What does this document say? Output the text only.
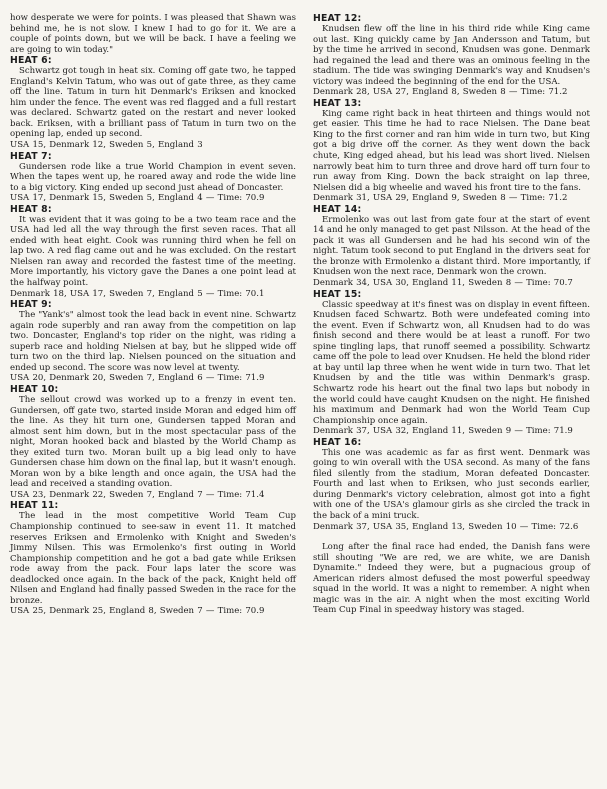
how desperate we were for points. I was pleased that Shawn was behind me, he is not slow. I knew I had to go for it. We are a couple of points down, but we will be back. I have a feeling we are going to win today."

HEAT 6:

Schwartz got tough in heat six. Coming off gate two, he tapped England's Kelvin Tatum, who was out of gate three, as they came off the line. Tatum in turn hit Denmark's Eriksen and knocked him under the fence. The event was red flagged and a full restart was declared. Schwartz gated on the restart and never looked back. Eriksen, with a brilliant pass of Tatum in turn two on the opening lap, ended up second.

USA 15, Denmark 12, Sweden 5, England 3

HEAT 7:

Gundersen rode like a true World Champion in event seven. When the tapes went up, he roared away and rode the wide line to a big victory. King ended up second just ahead of Doncaster.

USA 17, Denmark 15, Sweden 5, England 4 — Time: 70.9

HEAT 8:

It was evident that it was going to be a two team race and the USA had led all the way through the first seven races. That all ended with heat eight. Cook was running third when he fell on lap two. A red flag came out and he was excluded. On the restart Nielsen ran away and recorded the fastest time of the meeting. More importantly, his victory gave the Danes a one point lead at the halfway point.

Denmark 18, USA 17, Sweden 7, England 5 — Time: 70.1

HEAT 9:

The "Yank's" almost took the lead back in event nine. Schwartz again rode superbly and ran away from the competition on lap two. Doncaster, England's top rider on the night, was riding a superb race and holding Nielsen at bay, but he slipped wide off turn two on the third lap. Nielsen pounced on the situation and ended up second. The score was now level at twenty.

USA 20, Denmark 20, Sweden 7, England 6 — Time: 71.9

HEAT 10:

The sellout crowd was worked up to a frenzy in event ten. Gundersen, off gate two, started inside Moran and edged him off the line. As they hit turn one, Gundersen tapped Moran and almost sent him down, but in the most spectacular pass of the night, Moran hooked back and blasted by the World Champ as they exited turn two. Moran built up a big lead only to have Gundersen chase him down on the final lap, but it wasn't enough. Moran won by a bike length and once again, the USA had the lead and received a standing ovation.

USA 23, Denmark 22, Sweden 7, England 7 — Time: 71.4

HEAT 11:

The lead in the most competitive World Team Cup Championship continued to see-saw in event 11. It matched reserves Eriksen and Ermolenko with Knight and Sweden's Jimmy Nilsen. This was Ermolenko's first outing in World Championship competition and he got a bad gate while Eriksen rode away from the pack. Four laps later the score was deadlocked once again. In the back of the pack, Knight held off Nilsen and England had finally passed Sweden in the race for the bronze.

USA 25, Denmark 25, England 8, Sweden 7 — Time: 70.9

HEAT 12:

Knudsen flew off the line in his third ride while King came out last. King quickly came by Jan Andersson and Tatum, but by the time he arrived in second, Knudsen was gone. Denmark had regained the lead and there was an ominous feeling in the stadium. The tide was swinging Denmark's way and Knudsen's victory was indeed the beginning of the end for the USA.

Denmark 28, USA 27, England 8, Sweden 8 — Time: 71.2

HEAT 13:

King came right back in heat thirteen and things would not get easier. This time he had to race Nielsen. The Dane beat King to the first corner and ran him wide in turn two, but King got a big drive off the corner. As they went down the back chute, King edged ahead, but his lead was short lived. Nielsen narrowly beat him to turn three and drove hard off turn four to run away from King. Down the back straight on lap three, Nielsen did a big wheelie and waved his front tire to the fans.

Denmark 31, USA 29, England 9, Sweden 8 — Time: 71.2

HEAT 14:

Ermolenko was out last from gate four at the start of event 14 and he only managed to get past Nilsson. At the head of the pack it was all Gundersen and he had his second win of the night. Tatum took second to put England in the drivers seat for the bronze with Ermolenko a distant third. More importantly, if Knudsen won the next race, Denmark won the crown.

Denmark 34, USA 30, England 11, Sweden 8 — Time: 70.7

HEAT 15:

Classic speedway at it's finest was on display in event fifteen. Knudsen faced Schwartz. Both were undefeated coming into the event. Even if Schwartz won, all Knudsen had to do was finish second and there would be at least a runoff. For two spine tingling laps, that runoff seemed a possibility. Schwartz came off the pole to lead over Knudsen. He held the blond rider at bay until lap three when he went wide in turn two. That let Knudsen by and the title was within Denmark's grasp. Schwartz rode his heart out the final two laps but nobody in the world could have caught Knudsen on the night. He finished his maximum and Denmark had won the World Team Cup Championship once again.

Denmark 37, USA 32, England 11, Sweden 9 — Time: 71.9

HEAT 16:

This one was academic as far as first went. Denmark was going to win overall with the USA second. As many of the fans filed silently from the stadium, Moran defeated Doncaster. Fourth and last when to Eriksen, who just seconds earlier, during Denmark's victory celebration, almost got into a fight with one of the USA's glamour girls as she circled the track in the back of a mini truck.

Denmark 37, USA 35, England 13, Sweden 10 — Time: 72.6

Long after the final race had ended, the Danish fans were still shouting "We are red, we are white, we are Danish Dynamite." Indeed they were, but a pugnacious group of American riders almost defused the most powerful speedway squad in the world. It was a night to remember. A night when magic was in the air. A night when the most exciting World Team Cup Final in speedway history was staged.
